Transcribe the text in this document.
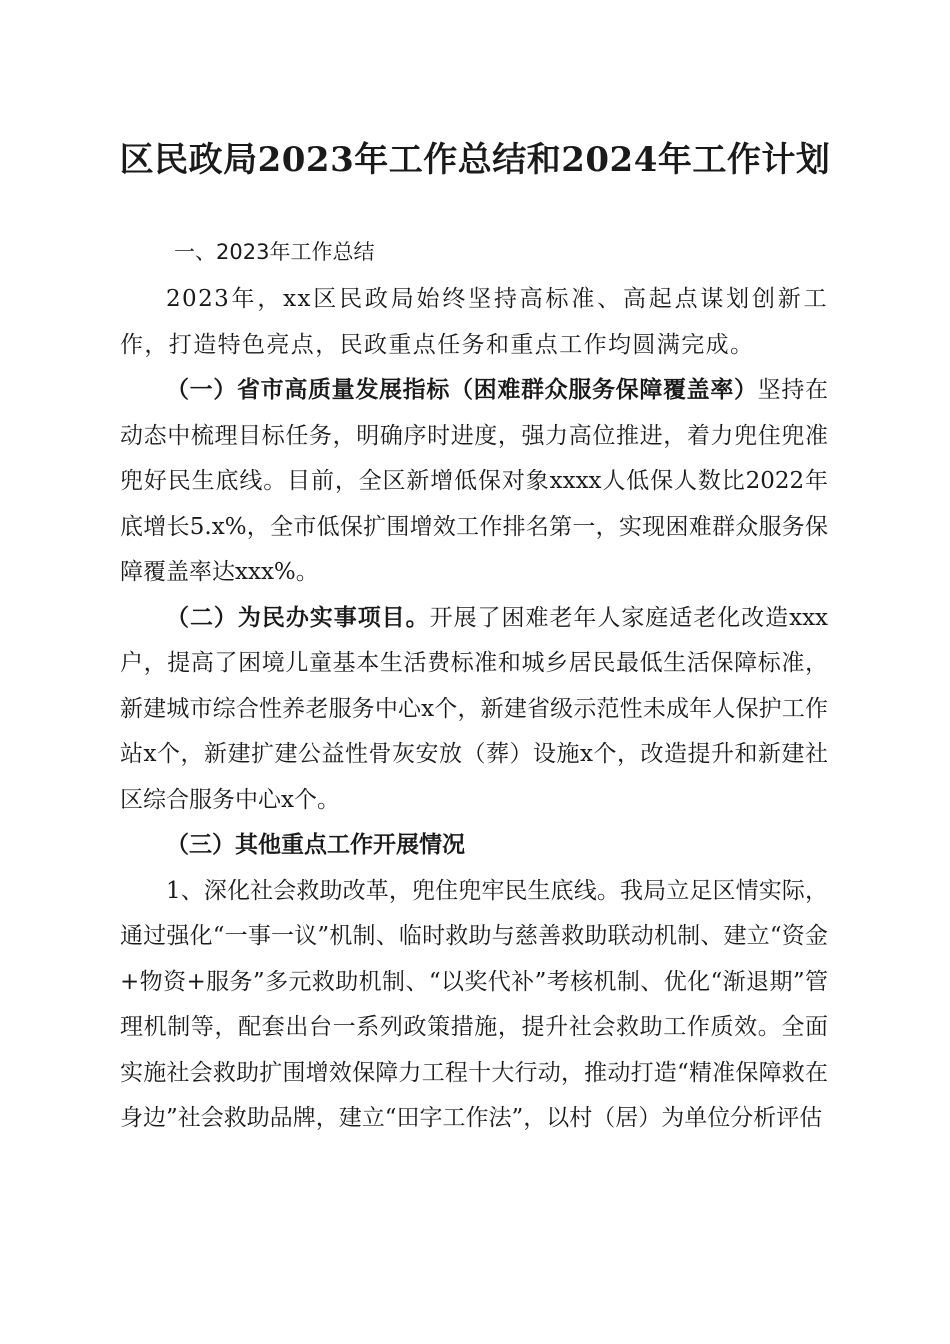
区民政局2023年工作总结和2024年工作计划
一、2023年工作总结

2023年，xx区民政局始终坚持高标准、高起点谋划创新工作，打造特色亮点，民政重点任务和重点工作均圆满完成。

（一）省市高质量发展指标（困难群众服务保障覆盖率）坚持在动态中梳理目标任务，明确序时进度，强力高位推进，着力兜住兜准兜好民生底线。目前，全区新增低保对象xxxx人低保人数比2022年底增长5.x%，全市低保扩围增效工作排名第一，实现困难群众服务保障覆盖率达xxx%。

（二）为民办实事项目。开展了困难老年人家庭适老化改造xxx户，提高了困境儿童基本生活费标准和城乡居民最低生活保障标准，新建城市综合性养老服务中心x个，新建省级示范性未成年人保护工作站x个，新建扩建公益性骨灰安放（葬）设施x个，改造提升和新建社区综合服务中心x个。

（三）其他重点工作开展情况

1、深化社会救助改革，兜住兜牢民生底线。我局立足区情实际，通过强化“一事一议”机制、临时救助与慈善救助联动机制、建立“资金+物资+服务”多元救助机制、“以奖代补”考核机制、优化“渐退期”管理机制等，配套出台一系列政策措施，提升社会救助工作质效。全面实施社会救助扩围增效保障力工程十大行动，推动打造“精准保障救在身边”社会救助品牌，建立“田字工作法”，以村（居）为单位分析评估
